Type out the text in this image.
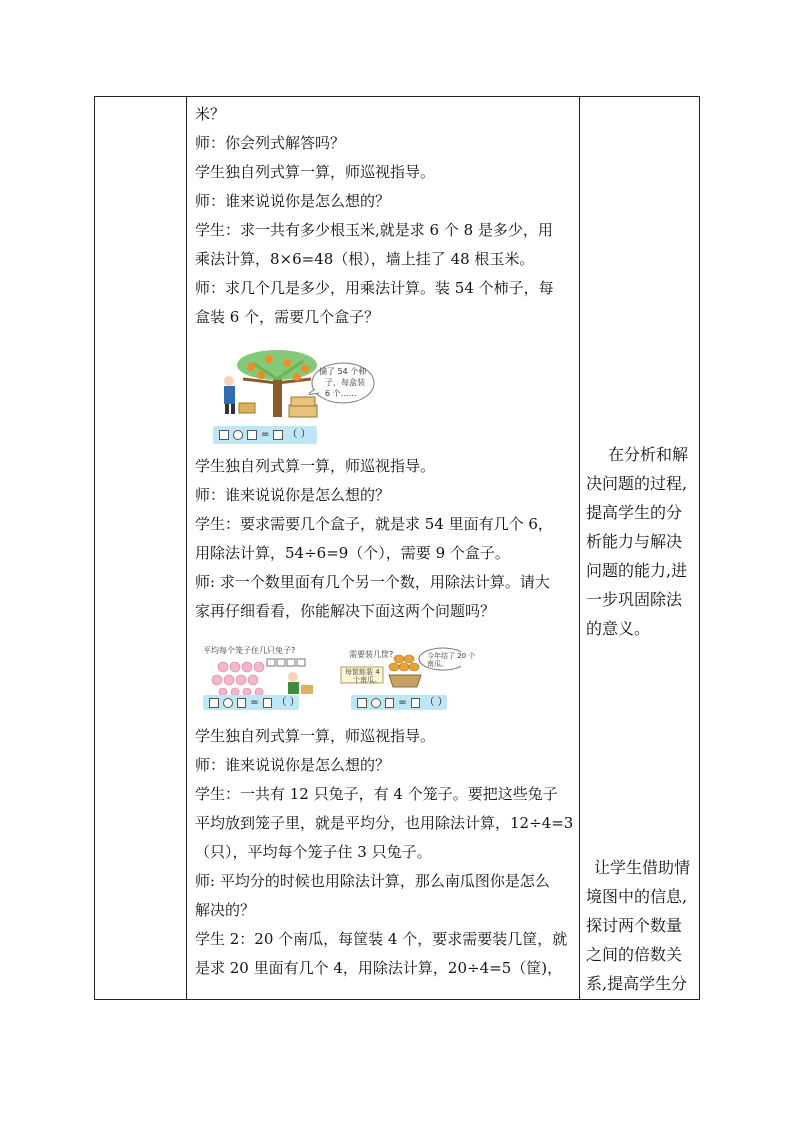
米？
师：你会列式解答吗？
学生独自列式算一算，师巡视指导。
师：谁来说说你是怎么想的？
学生：求一共有多少根玉米,就是求 6 个 8 是多少，用
乘法计算，8×6=48（根），墙上挂了 48 根玉米。
师：求几个几是多少，用乘法计算。装 54 个柿子，每
盒装 6 个，需要几个盒子？
摘了 54 个柿
子，每盒装
6 个……
= （ ）
学生独自列式算一算，师巡视指导。
师：谁来说说你是怎么想的？
学生：要求需要几个盒子，就是求 54 里面有几个 6，
用除法计算，54÷6=9（个），需要 9 个盒子。
师: 求一个数里面有几个另一个数，用除法计算。请大
家再仔细看看，你能解决下面这两个问题吗？
平均每个笼子住几只兔子?
= （ ）
需要装几筐?
每筐能装 4
个南瓜。
今年结了 20 个
南瓜。
= （ ）
学生独自列式算一算，师巡视指导。
师：谁来说说你是怎么想的？
学生：一共有 12 只兔子，有 4 个笼子。要把这些兔子
平均放到笼子里，就是平均分，也用除法计算，12÷4=3
（只），平均每个笼子住 3 只兔子。
师: 平均分的时候也用除法计算，那么南瓜图你是怎么
解决的？
学生 2：20 个南瓜，每筐装 4 个，要求需要装几筐，就
是求 20 里面有几个 4，用除法计算，20÷4=5（筐)，
在分析和解
决问题的过程,
提高学生的分
析能力与解决
问题的能力,进
一步巩固除法
的意义。
让学生借助情
境图中的信息,
探讨两个数量
之间的倍数关
系,提高学生分
